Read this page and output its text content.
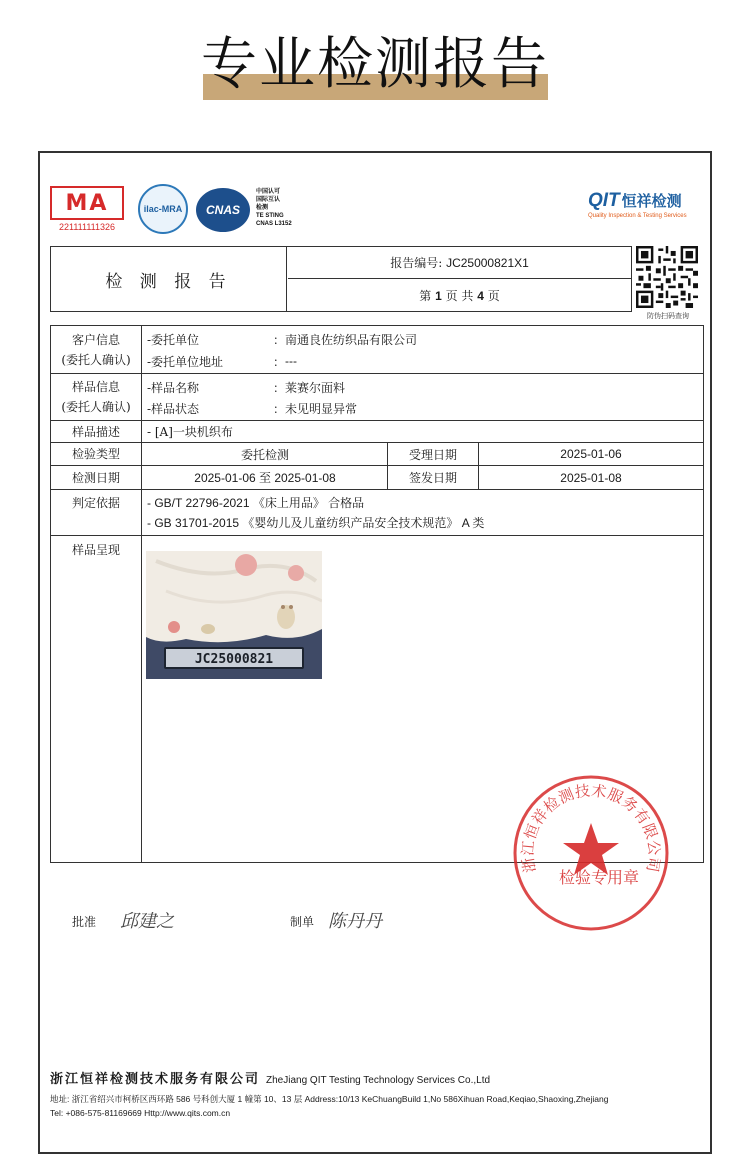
专业检测报告
MA
221111111326
ilac-MRA CNAS
中国认可
国际互认
检测
TE STING
CNAS L3152
QIT 恒祥检测
Quality Inspection & Testing Services
检 测 报 告
报告编号:
JC25000821X1
第
1
页 共
4
页
防伪扫码查询
客户信息
(委托人确认)
-委托单位	： 南通良佐纺织品有限公司
-委托单位地址	： ---
样品信息
(委托人确认)
-样品名称	： 莱赛尔面料
-样品状态	： 未见明显异常
样品描述	- [A]一块机织布
检验类型	委托检测	受理日期	2025-01-06
检测日期	2025-01-06 至 2025-01-08	签发日期	2025-01-08
判定依据	- GB/T 22796-2021 《床上用品》 合格品
- GB 31701-2015 《婴幼儿及儿童纺织产品安全技术规范》 A 类
样品呈现
JC25000821
浙江恒祥检测技术服务有限公司
检验专用章
批准 邱建之	制单 陈丹丹
浙江恒祥检测技术服务有限公司 ZheJiang QIT Testing Technology Services Co.,Ltd
地址: 浙江省绍兴市柯桥区西环路 586 号科创大厦 1 幢第 10、13 层 Address:10/13 KeChuangBuild 1,No 586Xihuan Road,Keqiao,Shaoxing,Zhejiang
Tel: +086-575-81169669 Http://www.qits.com.cn
